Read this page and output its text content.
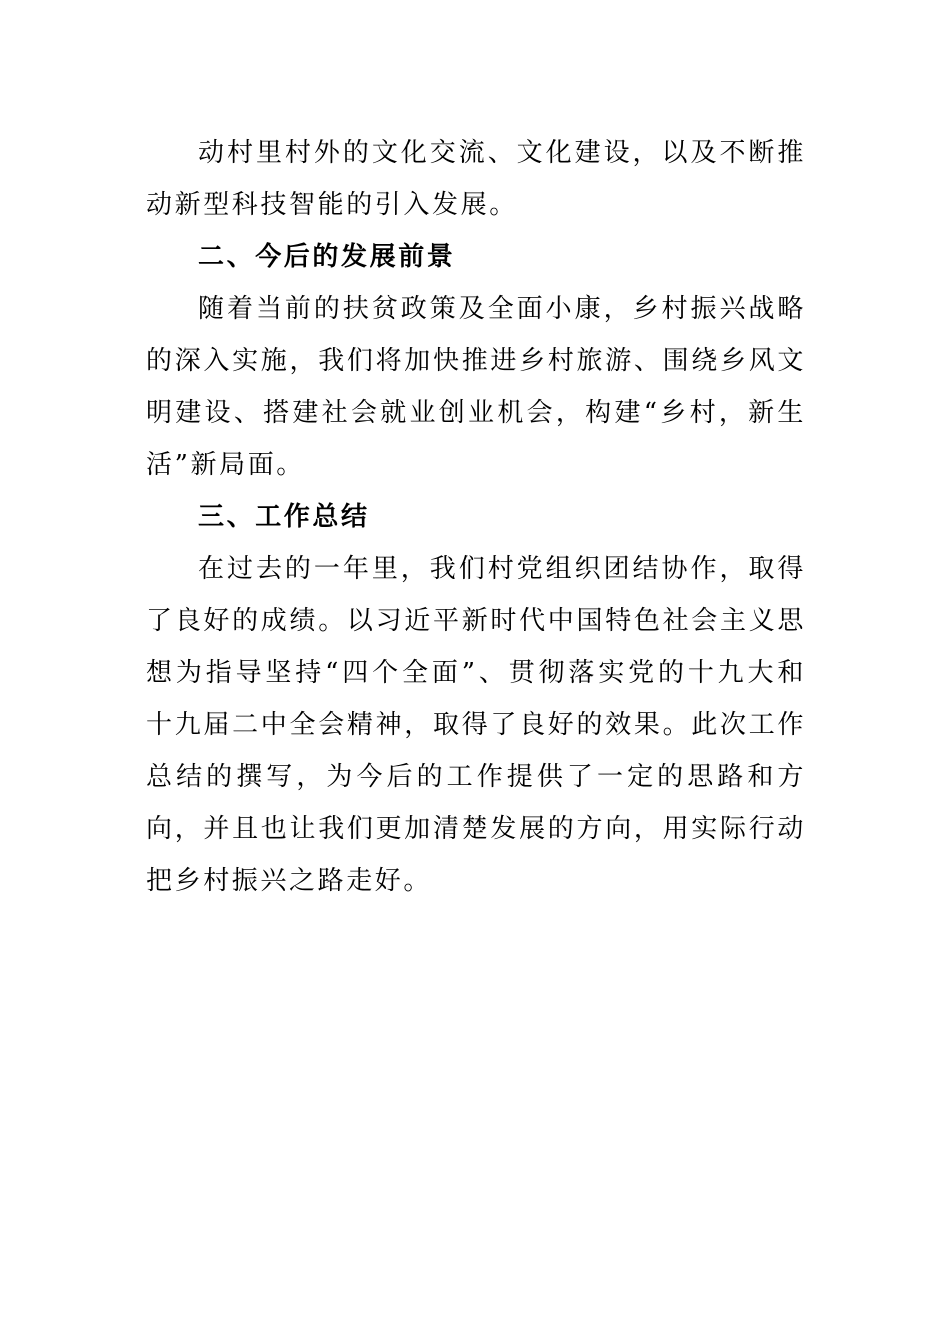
动村里村外的文化交流、文化建设，以及不断推动新型科技智能的引入发展。

二、今后的发展前景

随着当前的扶贫政策及全面小康，乡村振兴战略的深入实施，我们将加快推进乡村旅游、围绕乡风文明建设、搭建社会就业创业机会，构建“乡村，新生活”新局面。

三、工作总结

在过去的一年里，我们村党组织团结协作，取得了良好的成绩。以习近平新时代中国特色社会主义思想为指导坚持“四个全面”、贯彻落实党的十九大和十九届二中全会精神，取得了良好的效果。此次工作总结的撰写，为今后的工作提供了一定的思路和方向，并且也让我们更加清楚发展的方向，用实际行动把乡村振兴之路走好。
